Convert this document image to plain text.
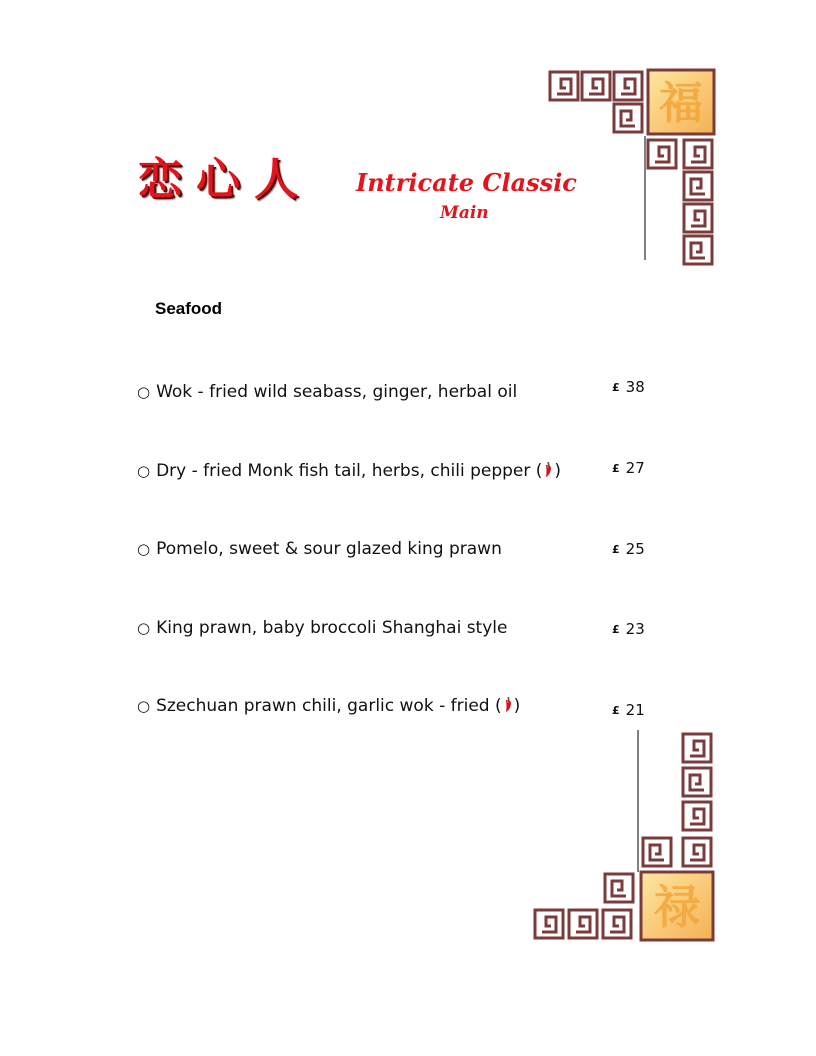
福
禄
恋心人 Intricate Classic
Main
Seafood
○ Wok - fried wild seabass, ginger, herbal oil	£ 38
○ Dry - fried Monk fish tail, herbs, chili pepper ( )	£ 27
○ Pomelo, sweet & sour glazed king prawn	£ 25
○ King prawn, baby broccoli Shanghai style	£ 23
○ Szechuan prawn chili, garlic wok - fried ( )	£ 21
